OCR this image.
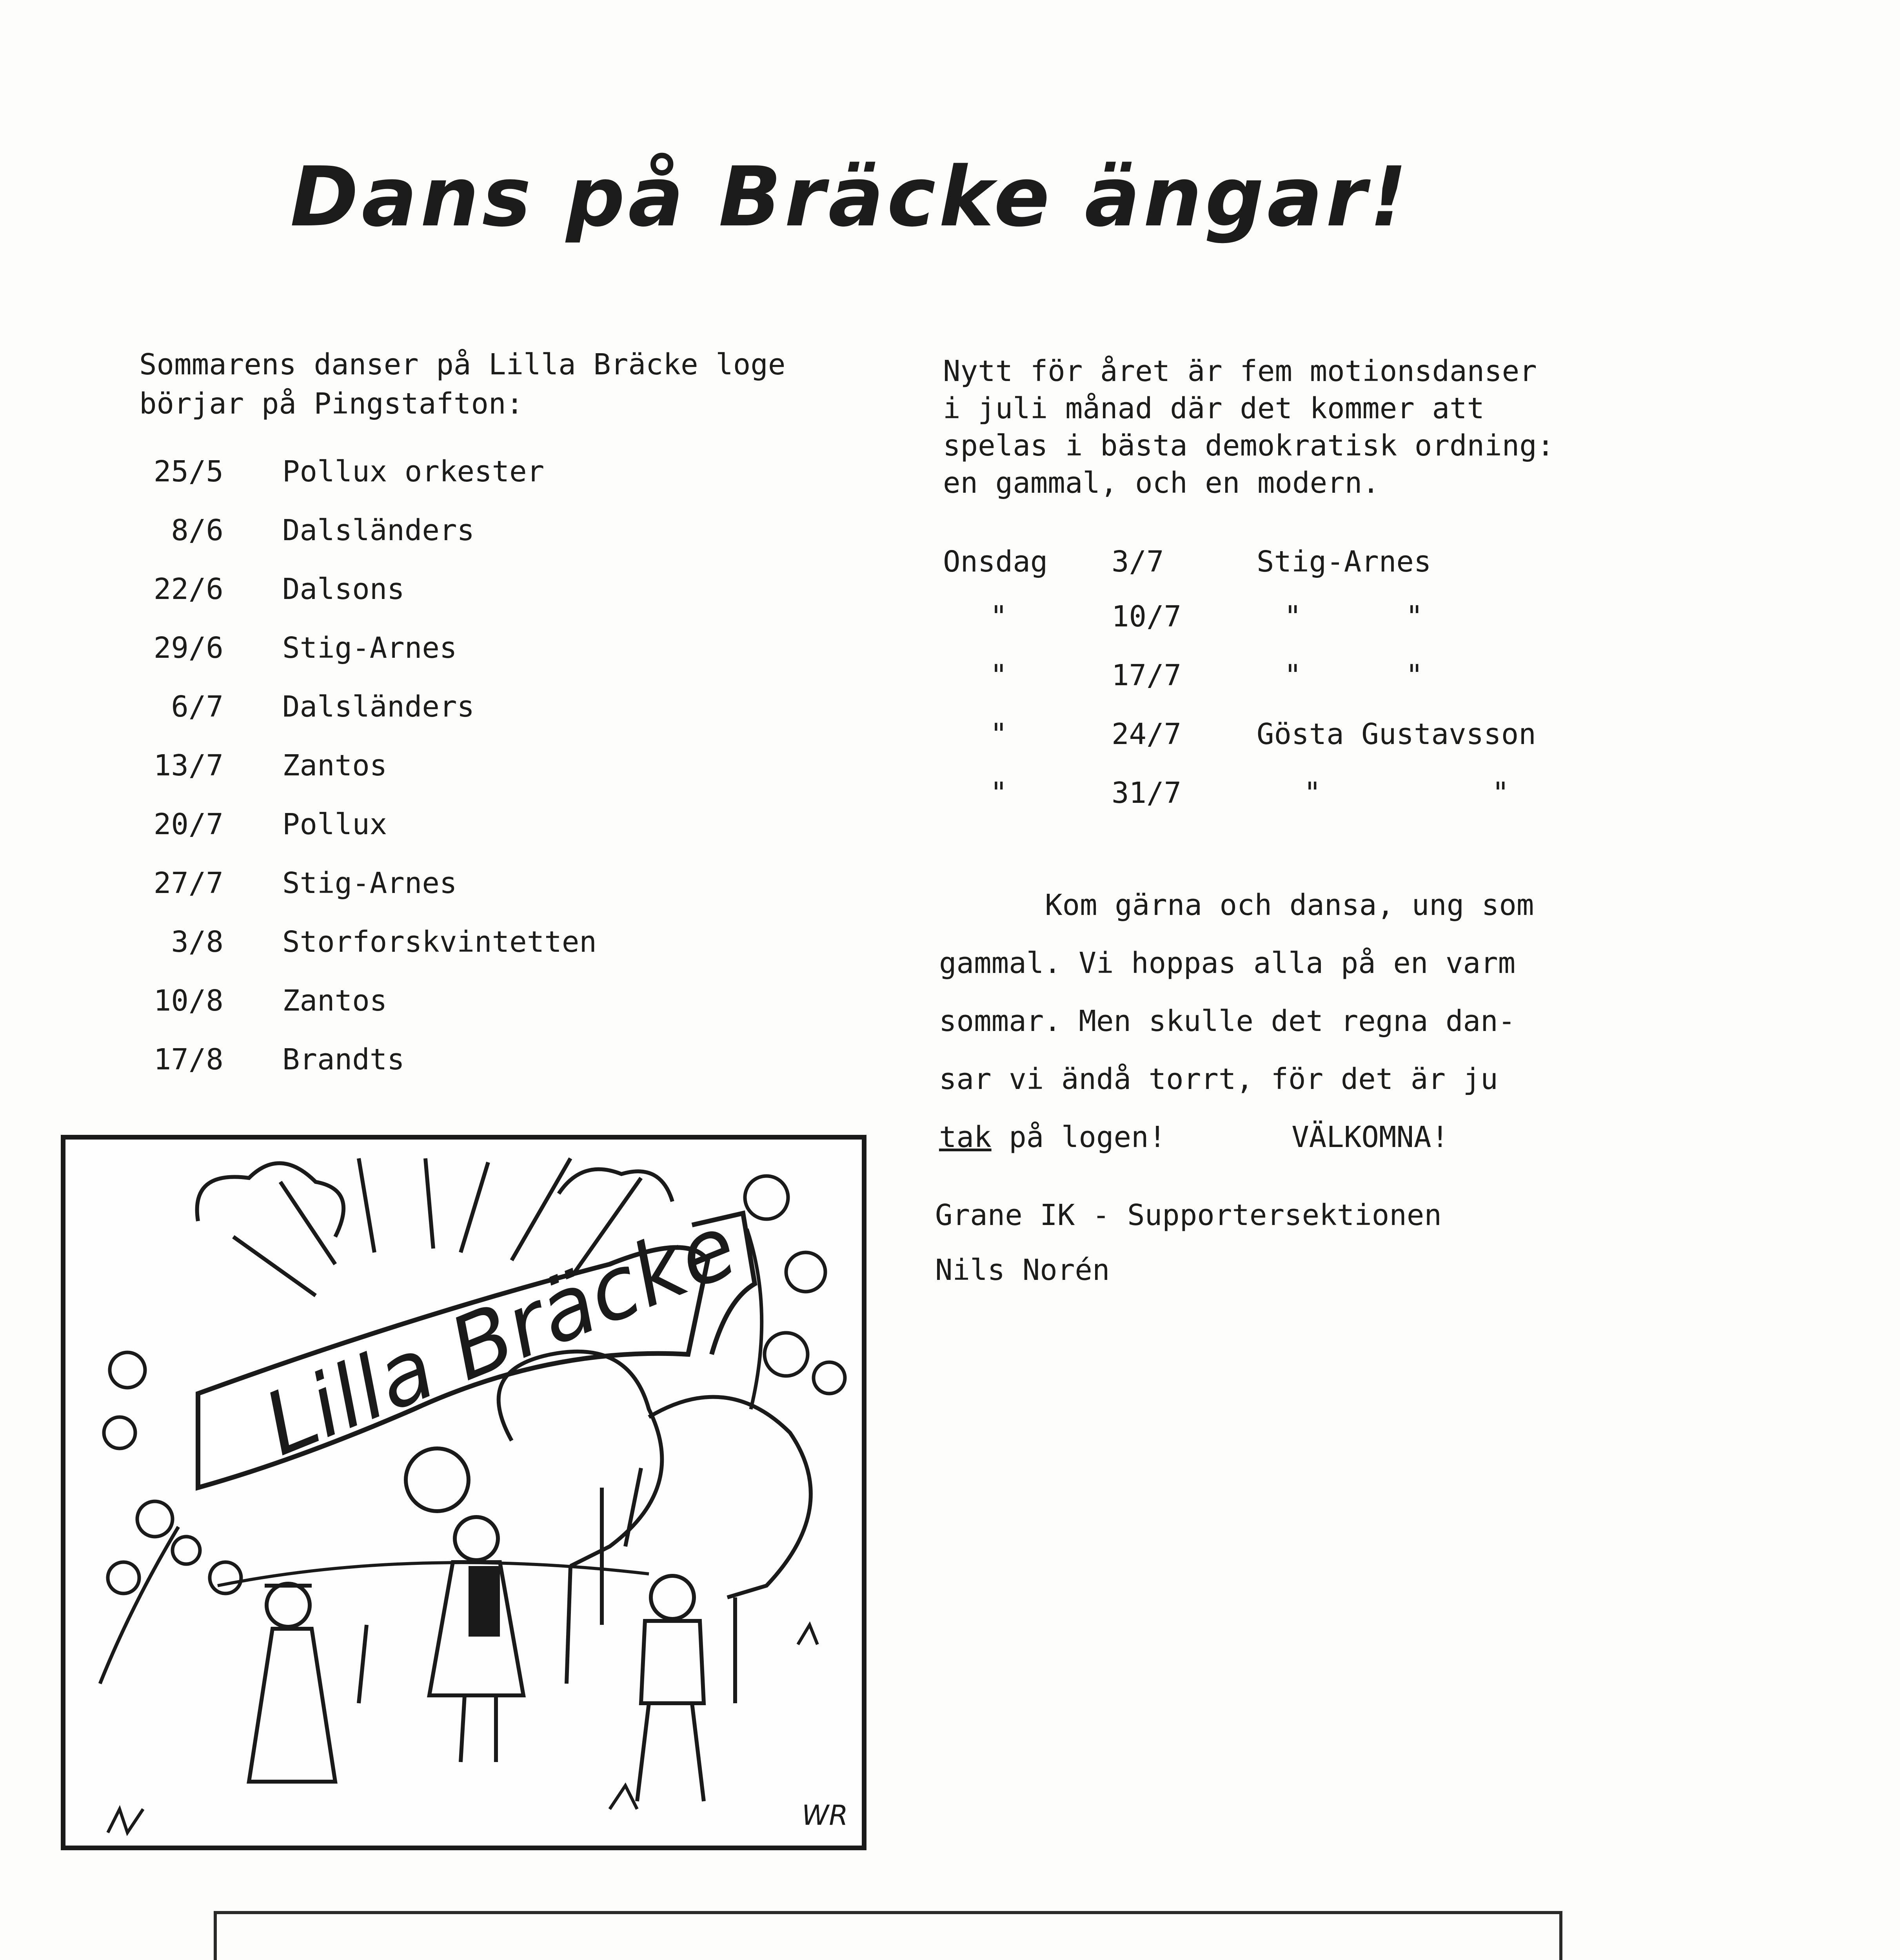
Dans på Bräcke ängar!
Sommarens danser på Lilla Bräcke loge börjar på Pingstafton:
25/5 Pollux orkester
8/6 Dalsländers
22/6 Dalsons
29/6 Stig-Arnes
6/7 Dalsländers
13/7 Zantos
20/7 Pollux
27/7 Stig-Arnes
3/8 Storforskvintetten
10/8 Zantos
17/8 Brandts
Lilla Bräcke
WR
Nytt för året är fem motionsdanser
i juli månad där det kommer att
spelas i bästa demokratisk ordning:
en gammal, och en modern.
Onsdag 3/7	Stig-Arnes
"	10/7	"	"
"	17/7	"	"
"	24/7	Gösta Gustavsson
"	31/7	"	"
Kom gärna och dansa, ung som
gammal. Vi hoppas alla på en varm
sommar. Men skulle det regna dan-
sar vi ändå torrt, för det är ju
tak på logen!	VÄLKOMNA!
Grane IK - Supportersektionen
Nils Norén
